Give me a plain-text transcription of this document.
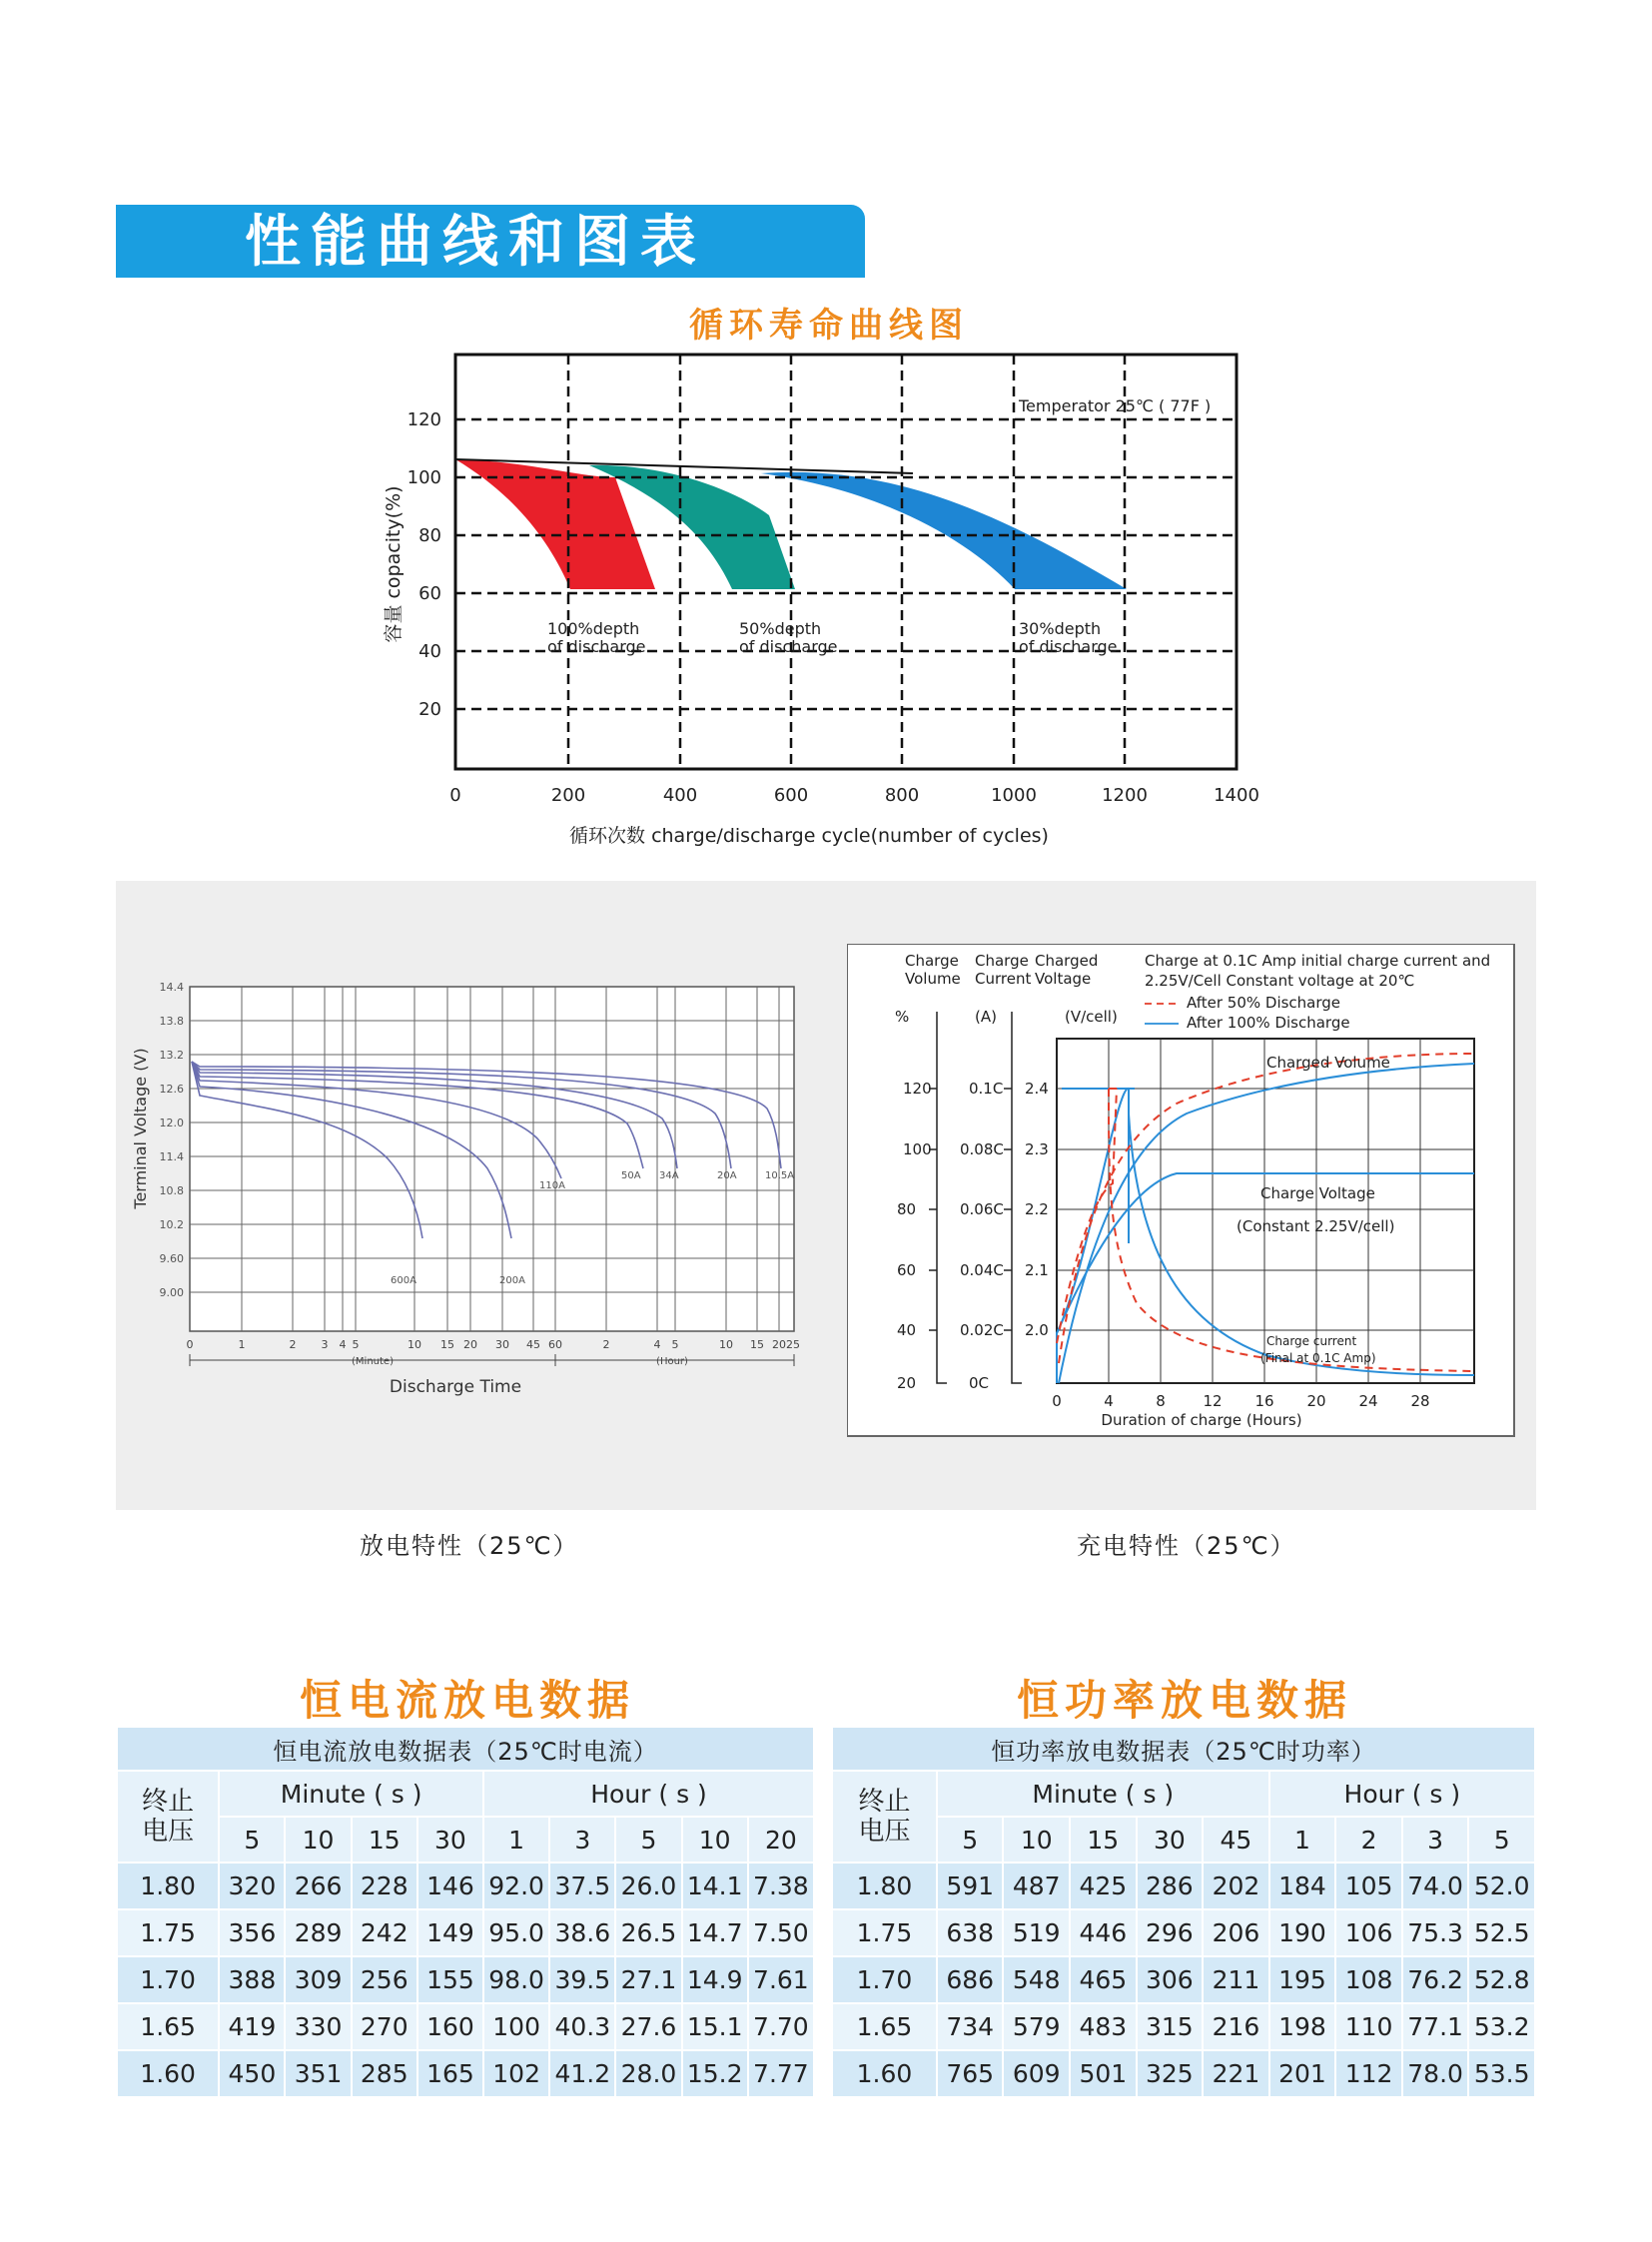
性能曲线和图表
循环寿命曲线图
120
100
80
60
40
20
0	200	400	600	800	1000	1200	1400
循环次数 charge/discharge cycle(number of cycles)
容量 copacity(%)
Temperator 25℃ ( 77F )
100%depth
of discharge
50%depth
of discharge
30%depth
of discharge
14.4
13.8
13.2
12.6
12.0
11.4
10.8
10.2
9.60
9.00
0	1	2 3 4 5	10 15 20 30 45 60	2	4 5	10 15 20 25
(Minute)	(Hour)
Discharge Time
Terminal Voltage (V)
600A	200A
110A
50A 34A	20A	10.5A
Charge
Volume
Charge
Current
Charged
Voltage
%	(A)	(V/cell)
Charge at 0.1C Amp initial charge current and
2.25V/Cell Constant voltage at 20℃
After 50% Discharge
After 100% Discharge
120
100
80
60
40
20
0.1C
0.08C
0.06C
0.04C
0.02C
0C
2.4
2.3
2.2
2.1
2.0
0	4	8	12 16 20 24 28
Duration of charge (Hours)
Charged Volume
Charge Voltage
(Constant 2.25V/cell)
Charge current
(Final at 0.1C Amp)
放电特性（25℃）	充电特性（25℃）
恒电流放电数据	恒功率放电数据
恒电流放电数据表（25℃时电流）									
终止
电压	Minute ( s )				Hour ( s )				
	5	10	15	30	1	3	5	10	20
1.80	320	266	228	146	92.0	37.5	26.0	14.1	7.38
1.75	356	289	242	149	95.0	38.6	26.5	14.7	7.50
1.70	388	309	256	155	98.0	39.5	27.1	14.9	7.61
1.65	419	330	270	160	100	40.3	27.6	15.1	7.70
1.60	450	351	285	165	102	41.2	28.0	15.2	7.77
恒功率放电数据表（25℃时功率）									
终止
电压	Minute ( s )					Hour ( s )			
	5	10	15	30	45	1	2	3	5
1.80	591	487	425	286	202	184	105	74.0	52.0
1.75	638	519	446	296	206	190	106	75.3	52.5
1.70	686	548	465	306	211	195	108	76.2	52.8
1.65	734	579	483	315	216	198	110	77.1	53.2
1.60	765	609	501	325	221	201	112	78.0	53.5
